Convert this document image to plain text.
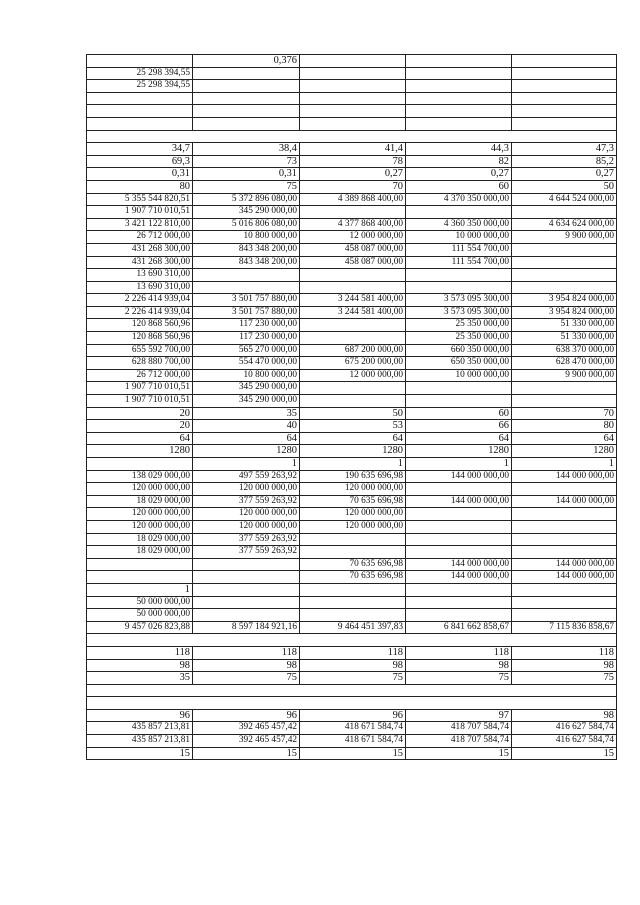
	0,376			
25 298 394,55				
25 298 394,55				

34,7	38,4	41,4	44,3	47,3
69,3	73	78	82	85,2
0,31	0,31	0,27	0,27	0,27
80	75	70	60	50
5 355 544 820,51	5 372 896 080,00	4 389 868 400,00	4 370 350 000,00	4 644 524 000,00
1 907 710 010,51	345 290 000,00			
3 421 122 810,00	5 016 806 080,00	4 377 868 400,00	4 360 350 000,00	4 634 624 000,00
26 712 000,00	10 800 000,00	12 000 000,00	10 000 000,00	9 900 000,00
431 268 300,00	843 348 200,00	458 087 000,00	111 554 700,00	
431 268 300,00	843 348 200,00	458 087 000,00	111 554 700,00	
13 690 310,00				
13 690 310,00				
2 226 414 939,04	3 501 757 880,00	3 244 581 400,00	3 573 095 300,00	3 954 824 000,00
2 226 414 939,04	3 501 757 880,00	3 244 581 400,00	3 573 095 300,00	3 954 824 000,00
120 868 560,96	117 230 000,00		25 350 000,00	51 330 000,00
120 868 560,96	117 230 000,00		25 350 000,00	51 330 000,00
655 592 700,00	565 270 000,00	687 200 000,00	660 350 000,00	638 370 000,00
628 880 700,00	554 470 000,00	675 200 000,00	650 350 000,00	628 470 000,00
26 712 000,00	10 800 000,00	12 000 000,00	10 000 000,00	9 900 000,00
1 907 710 010,51	345 290 000,00			
1 907 710 010,51	345 290 000,00			
20	35	50	60	70
20	40	53	66	80
64	64	64	64	64
1280	1280	1280	1280	1280
	1	1	1	1
138 029 000,00	497 559 263,92	190 635 696,98	144 000 000,00	144 000 000,00
120 000 000,00	120 000 000,00	120 000 000,00		
18 029 000,00	377 559 263,92	70 635 696,98	144 000 000,00	144 000 000,00
120 000 000,00	120 000 000,00	120 000 000,00		
120 000 000,00	120 000 000,00	120 000 000,00		
18 029 000,00	377 559 263,92			
18 029 000,00	377 559 263,92			
		70 635 696,98	144 000 000,00	144 000 000,00
		70 635 696,98	144 000 000,00	144 000 000,00
1				
50 000 000,00				
50 000 000,00				
9 457 026 823,88	8 597 184 921,16	9 464 451 397,83	6 841 662 858,67	7 115 836 858,67

118	118	118	118	118
98	98	98	98	98
35	75	75	75	75

96	96	96	97	98
435 857 213,81	392 465 457,42	418 671 584,74	418 707 584,74	416 627 584,74
435 857 213,81	392 465 457,42	418 671 584,74	418 707 584,74	416 627 584,74
15	15	15	15	15
